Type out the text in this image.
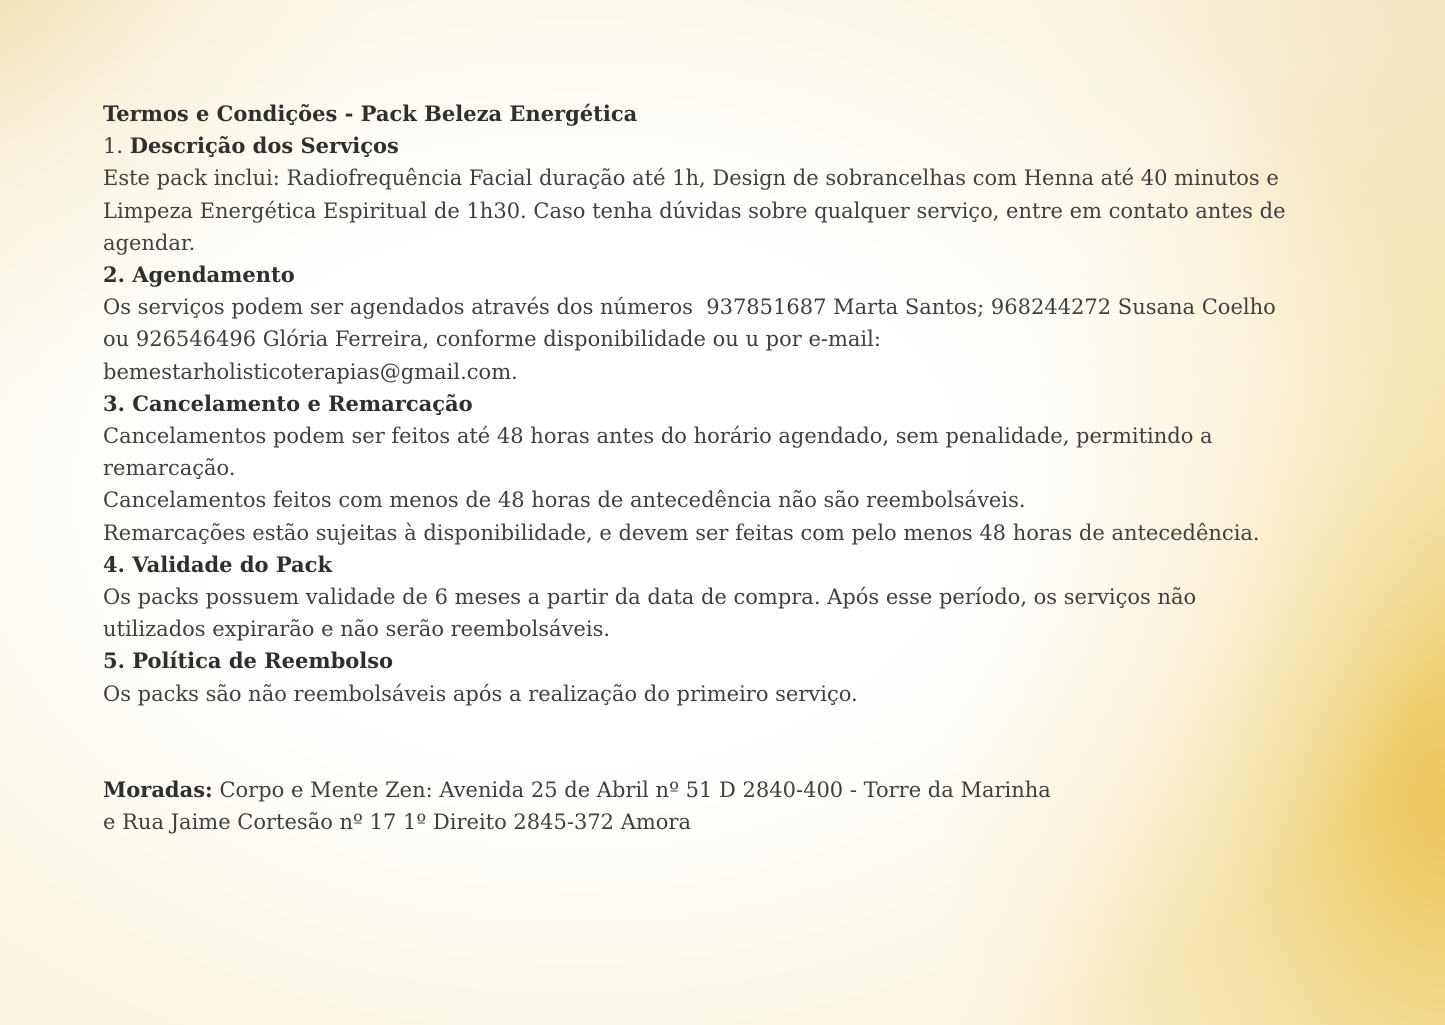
Termos e Condições - Pack Beleza Energética

1. Descrição dos Serviços

Este pack inclui: Radiofrequência Facial duração até 1h, Design de sobrancelhas com Henna até 40 minutos e Limpeza Energética Espiritual de 1h30. Caso tenha dúvidas sobre qualquer serviço, entre em contato antes de agendar.

2. Agendamento

Os serviços podem ser agendados através dos números  937851687 Marta Santos; 968244272 Susana Coelho ou 926546496 Glória Ferreira, conforme disponibilidade ou u por e-mail: bemestarholisticoterapias@gmail.com.

3. Cancelamento e Remarcação

Cancelamentos podem ser feitos até 48 horas antes do horário agendado, sem penalidade, permitindo a remarcação.

Cancelamentos feitos com menos de 48 horas de antecedência não são reembolsáveis.

Remarcações estão sujeitas à disponibilidade, e devem ser feitas com pelo menos 48 horas de antecedência.

4. Validade do Pack

Os packs possuem validade de 6 meses a partir da data de compra. Após esse período, os serviços não utilizados expirarão e não serão reembolsáveis.

5. Política de Reembolso

Os packs são não reembolsáveis após a realização do primeiro serviço.

Moradas: Corpo e Mente Zen: Avenida 25 de Abril nº 51 D 2840-400 - Torre da Marinha

e Rua Jaime Cortesão nº 17 1º Direito 2845-372 Amora
